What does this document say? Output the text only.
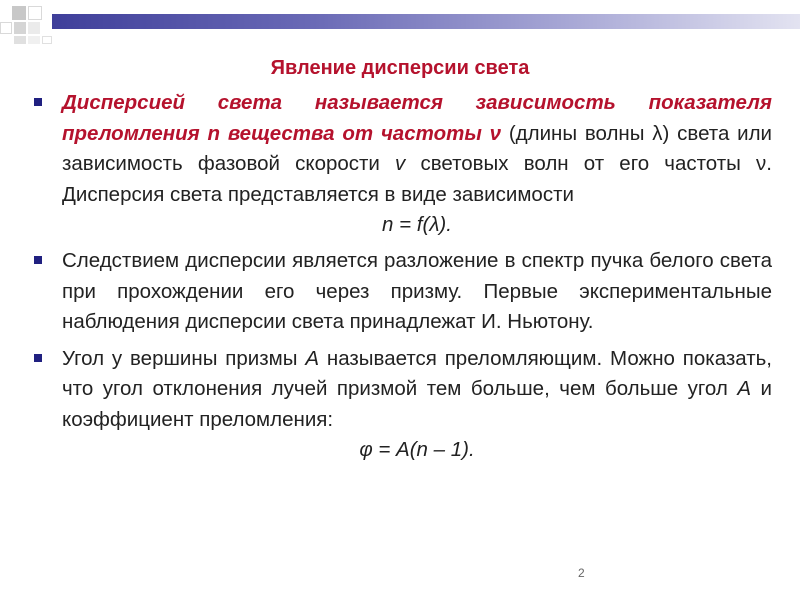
Явление дисперсии света
Дисперсией света называется зависимость показателя преломления n вещества от частоты ν (длины волны λ) света или зависимость фазовой скорости v световых волн от его частоты ν. Дисперсия света представляется в виде зависимости
n = f(λ).
Следствием дисперсии является разложение в спектр пучка белого света при прохождении его через призму. Первые экспериментальные наблюдения дисперсии света принадлежат И. Ньютону.
Угол у вершины призмы A называется преломляющим. Можно показать, что угол отклонения лучей призмой тем больше, чем больше угол A и коэффициент преломления:
φ = A(n – 1).
2
